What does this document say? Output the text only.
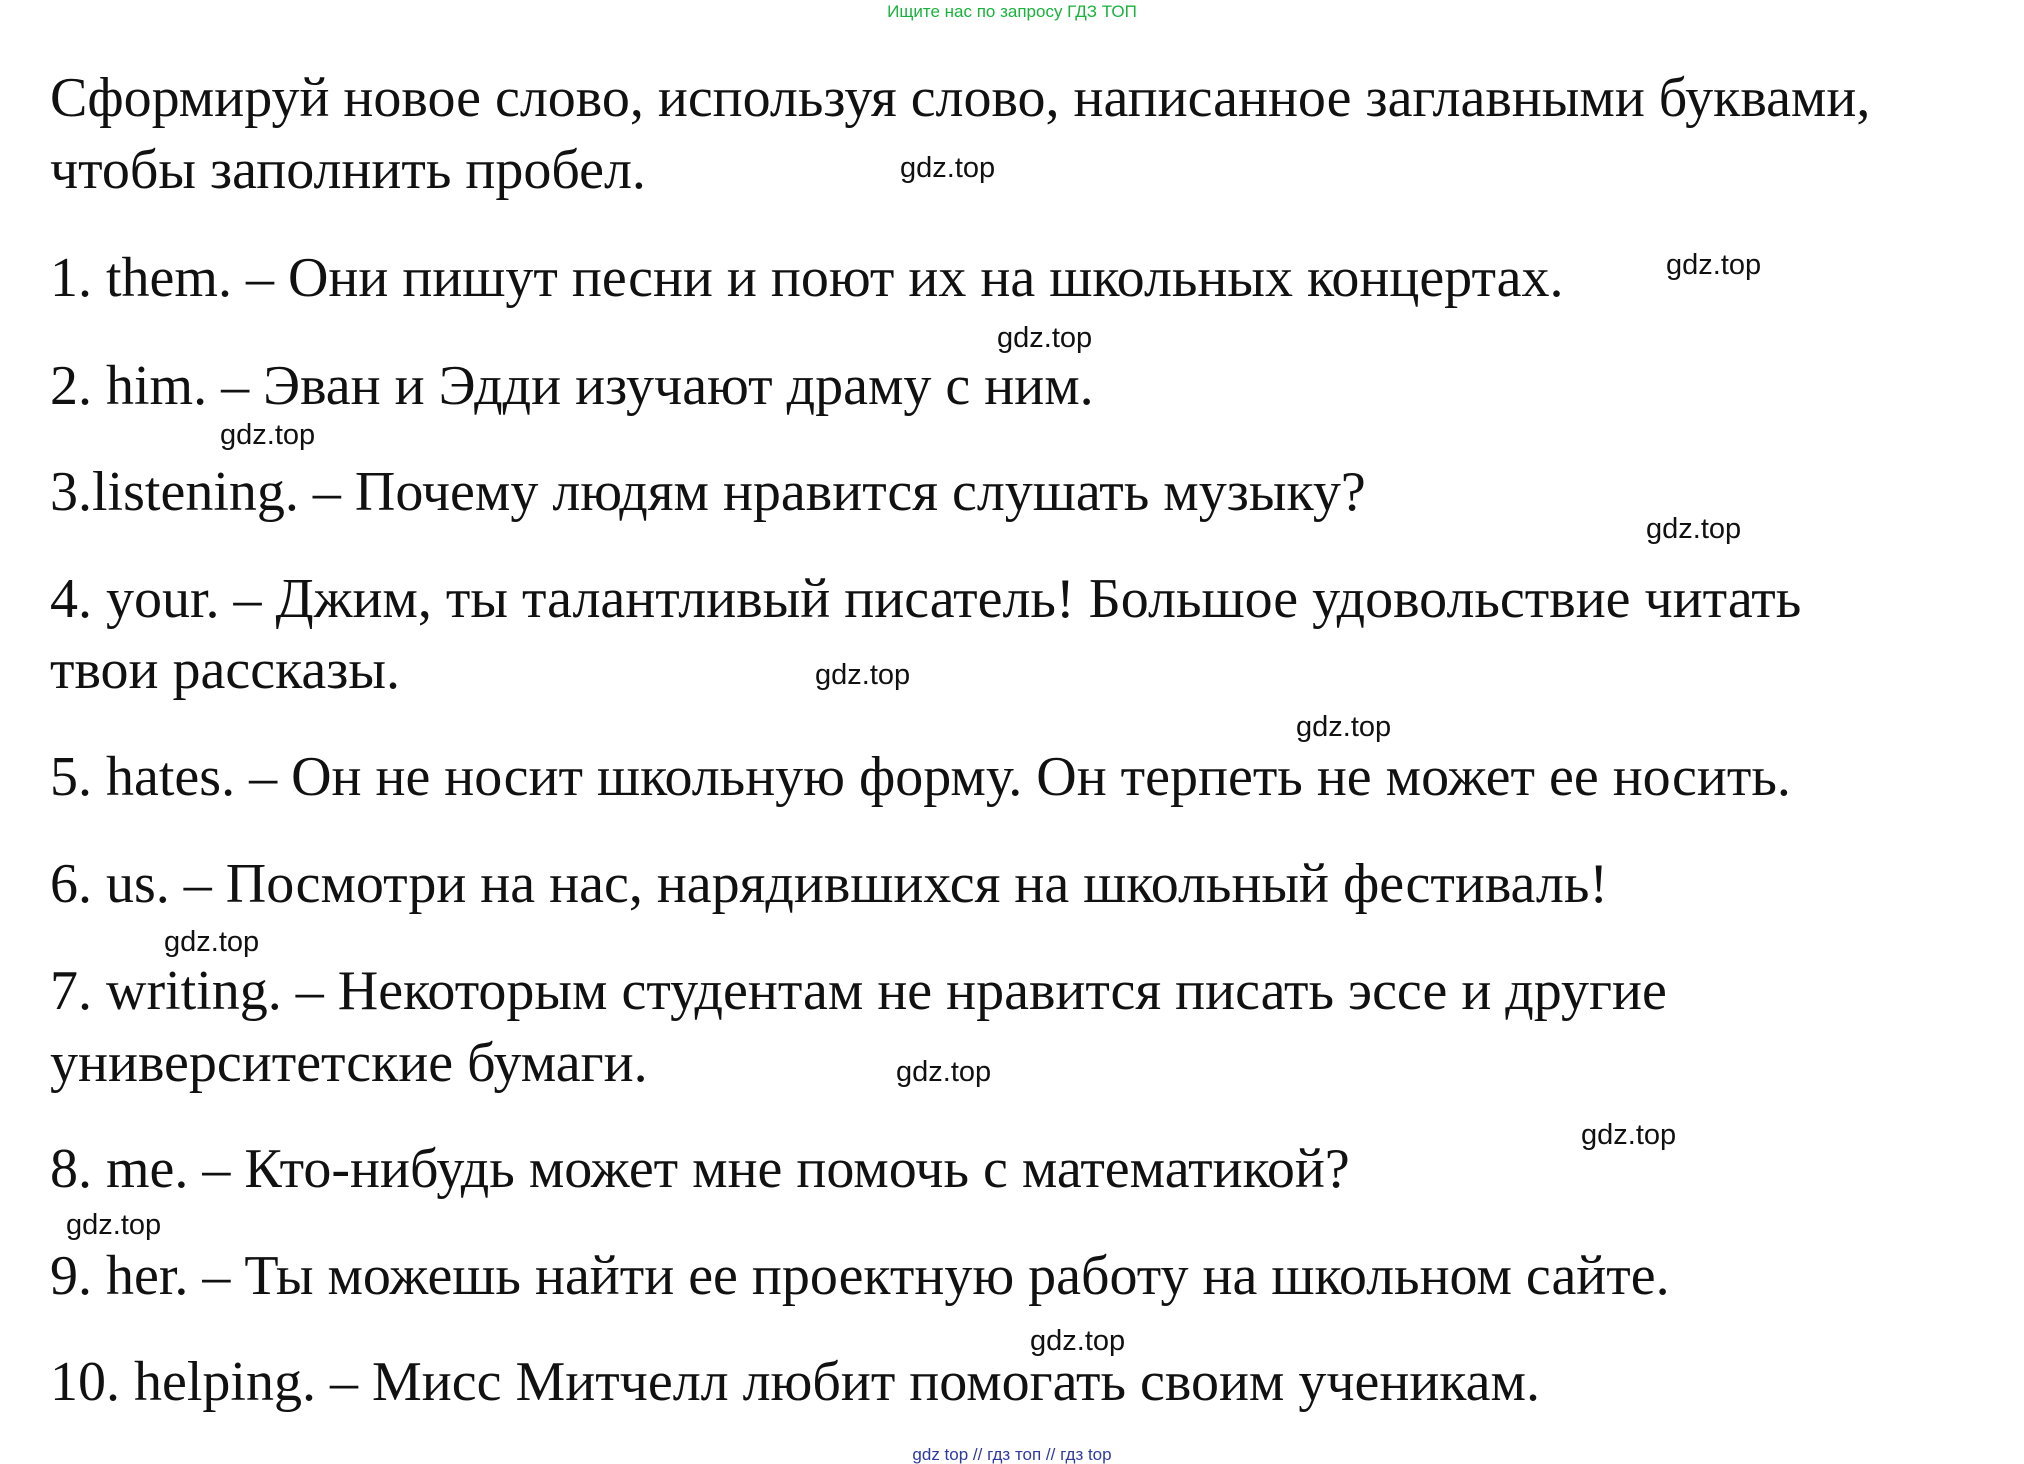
Ищите нас по запросу ГДЗ ТОП
Сформируй новое слово, используя слово, написанное заглавными буквами,
чтобы заполнить пробел.
1. them. – Они пишут песни и поют их на школьных концертах.
2. him. – Эван и Эдди изучают драму с ним.
3.listening. – Почему людям нравится слушать музыку?
4. your. – Джим, ты талантливый писатель! Большое удовольствие читать
твои рассказы.
5. hates. – Он не носит школьную форму. Он терпеть не может ее носить.
6. us. – Посмотри на нас, нарядившихся на школьный фестиваль!
7. writing. – Некоторым студентам не нравится писать эссе и другие
университетские бумаги.
8. me. – Кто-нибудь может мне помочь с математикой?
9. her. – Ты можешь найти ее проектную работу на школьном сайте.
10. helping. – Мисс Митчелл любит помогать своим ученикам.
gdz.top
gdz.top
gdz.top
gdz.top
gdz.top
gdz.top
gdz.top
gdz.top
gdz.top
gdz.top
gdz.top
gdz.top
gdz top // гдз топ // гдз top
